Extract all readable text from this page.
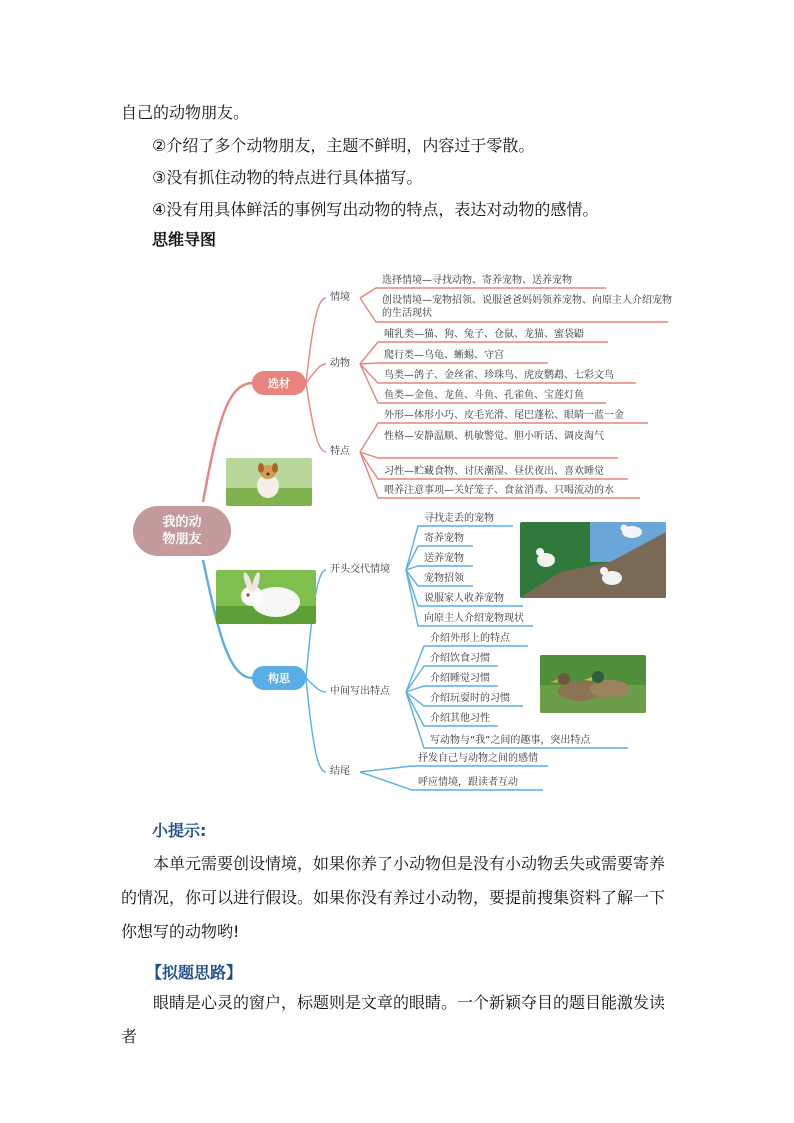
自己的动物朋友。
②介绍了多个动物朋友，主题不鲜明，内容过于零散。
③没有抓住动物的特点进行具体描写。
④没有用具体鲜活的事例写出动物的特点，表达对动物的感情。
思维导图
我的动
物朋友
选材
构思
情境
动物
特点
选择情境—寻找动物、寄养宠物、送养宠物
创设情境—宠物招领、说服爸爸妈妈领养宠物、向原主人介绍宠物的生活现状
哺乳类—猫、狗、兔子、仓鼠、龙猫、蜜袋鼯
爬行类—乌龟、蜥蜴、守宫
鸟类—鸽子、金丝雀、珍珠鸟、虎皮鹦鹉、七彩文鸟
鱼类—金鱼、龙鱼、斗鱼、孔雀鱼、宝莲灯鱼
外形—体形小巧、皮毛光滑、尾巴蓬松、眼睛一蓝一金
性格—安静温顺、机敏警觉、胆小听话、调皮淘气
习性—贮藏食物、讨厌潮湿、昼伏夜出、喜欢睡觉
喂养注意事项—关好笼子、食盆消毒、只喝流动的水
开头交代情境
中间写出特点
结尾
寻找走丢的宠物
寄养宠物
送养宠物
宠物招领
说服家人收养宠物
向原主人介绍宠物现状
介绍外形上的特点
介绍饮食习惯
介绍睡觉习惯
介绍玩耍时的习惯
介绍其他习性
写动物与“我”之间的趣事，突出特点
抒发自己与动物之间的感情
呼应情境，跟读者互动
小提示:

本单元需要创设情境，如果你养了小动物但是没有小动物丢失或需要寄养的情况，你可以进行假设。如果你没有养过小动物，要提前搜集资料了解一下你想写的动物哟!

【拟题思路】

眼睛是心灵的窗户，标题则是文章的眼睛。一个新颖夺目的题目能激发读者
